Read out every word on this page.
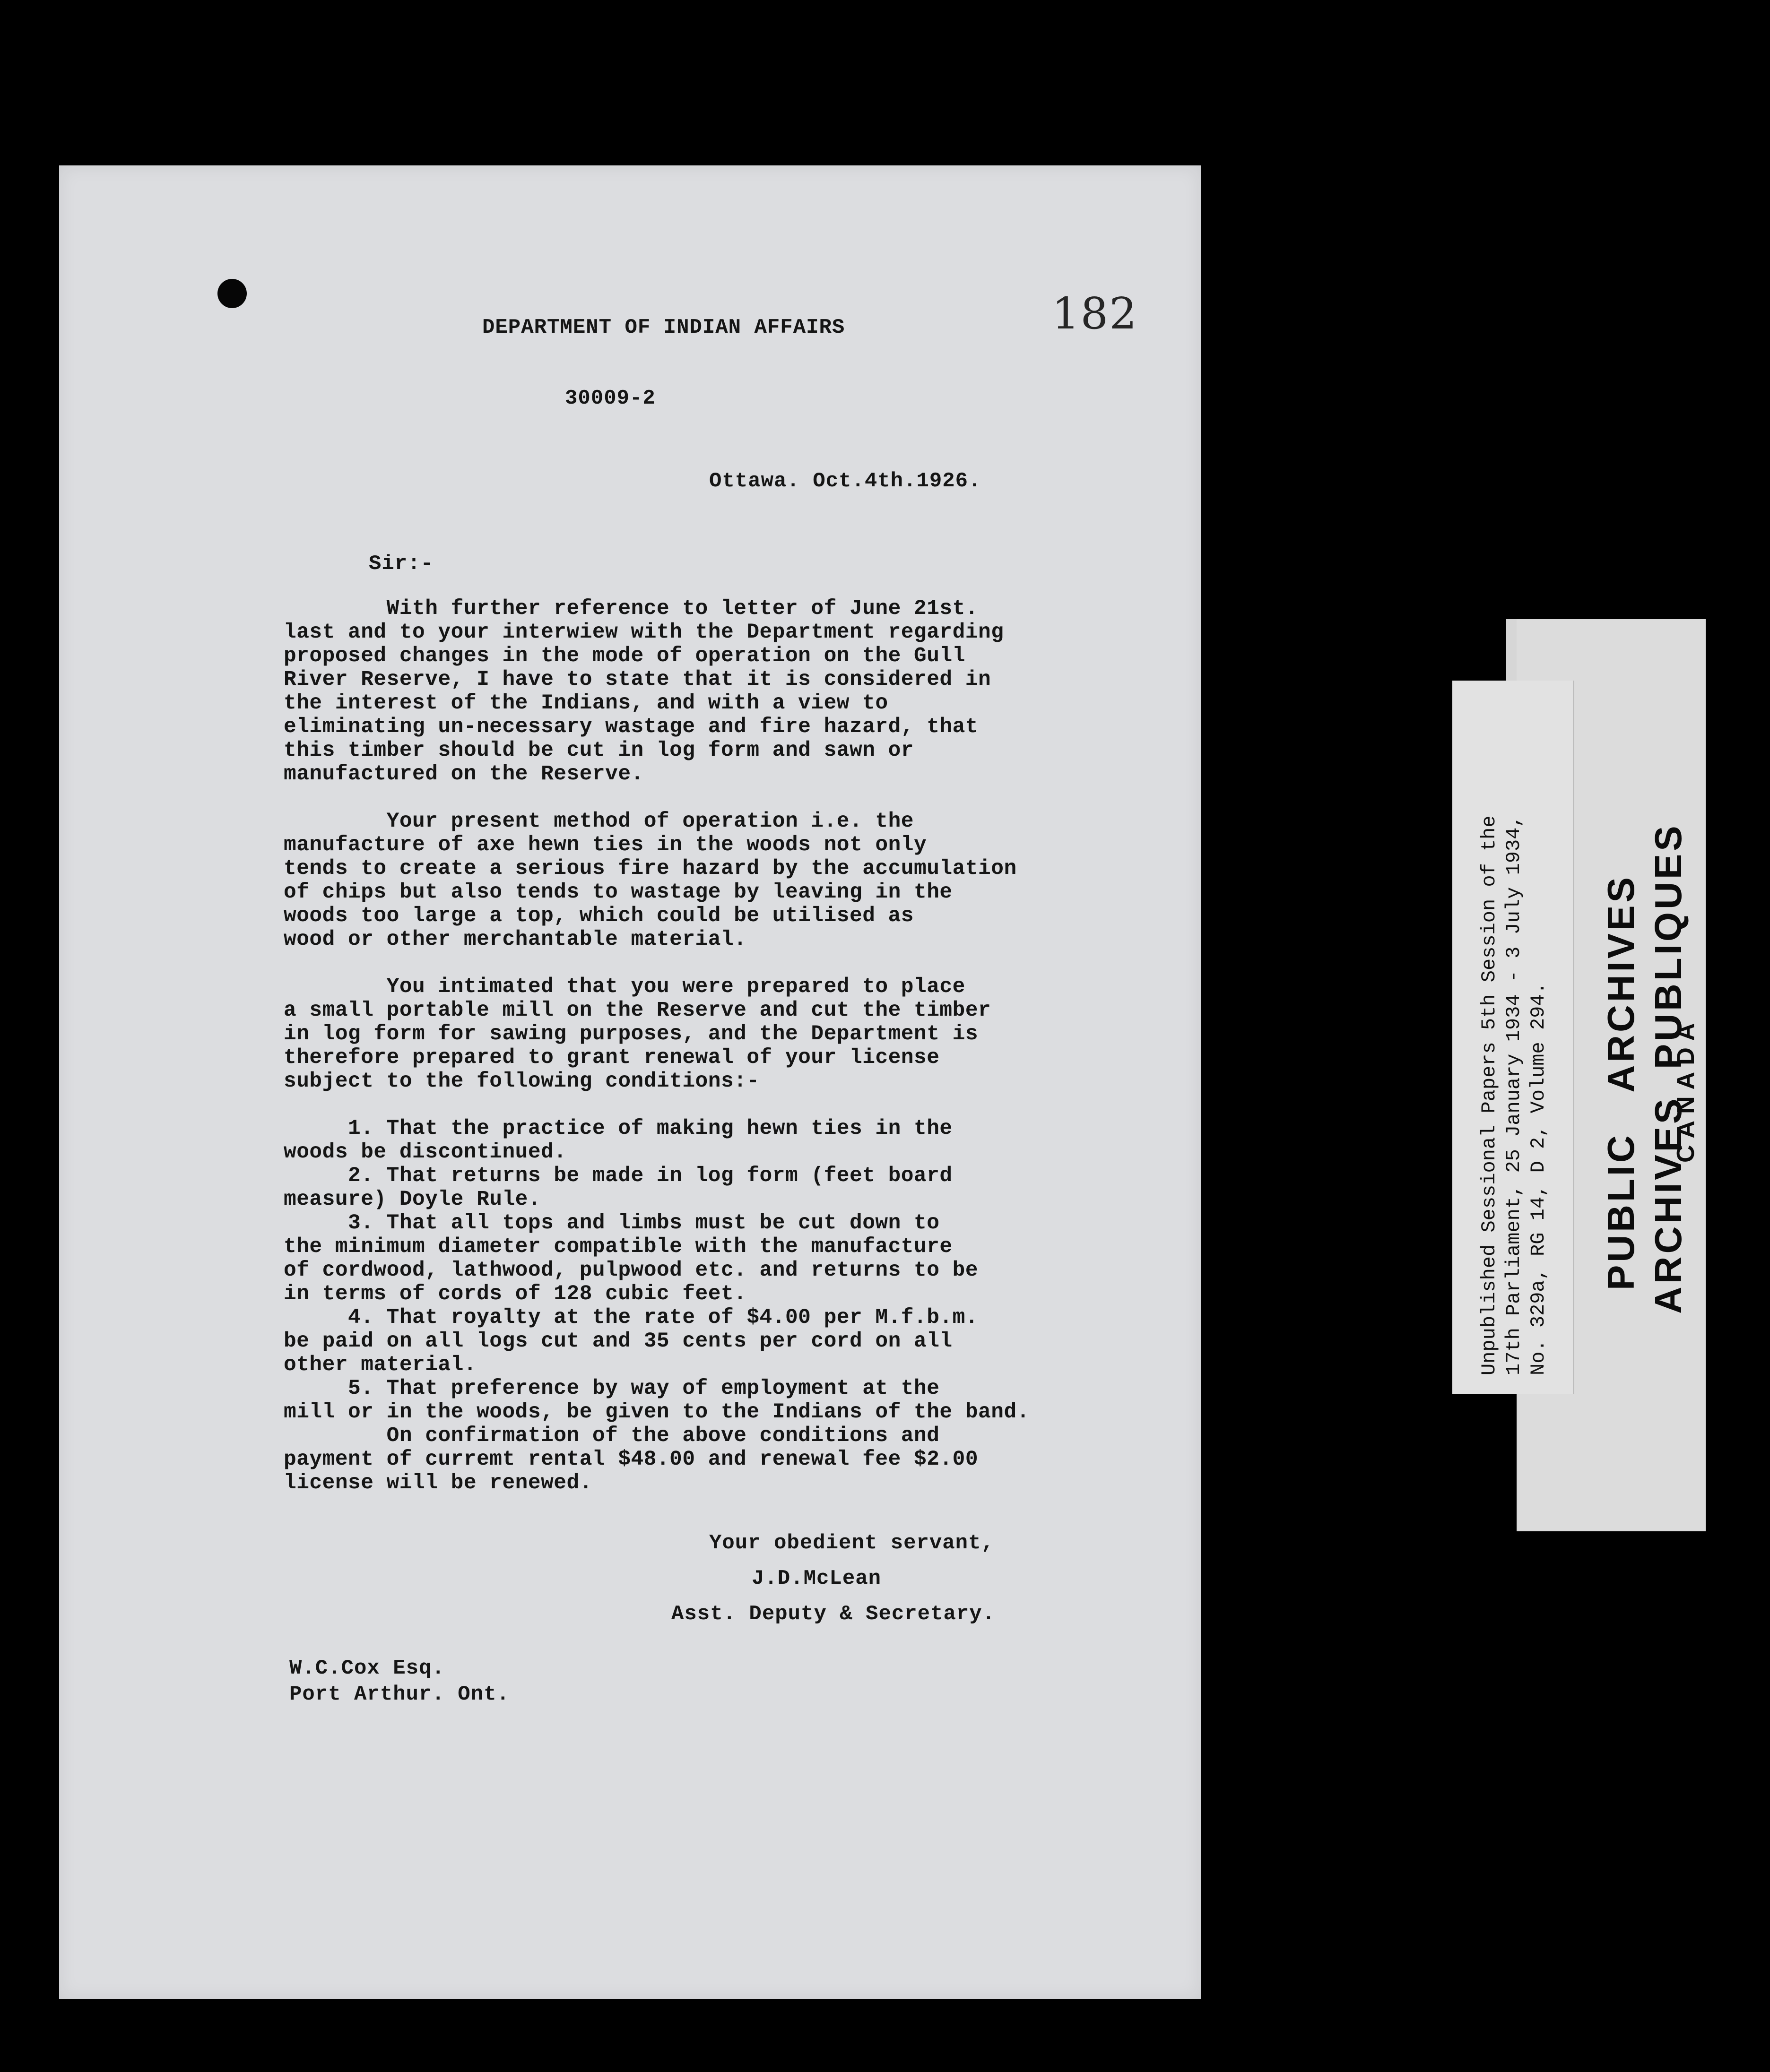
182
DEPARTMENT OF INDIAN AFFAIRS
30009-2
Ottawa. Oct.4th.1926.
Sir:-
With further reference to letter of June 21st.
last and to your interwiew with the Department regarding
proposed changes in the mode of operation on the Gull
River Reserve, I have to state that it is considered in
the interest of the Indians, and with a view to
eliminating un-necessary wastage and fire hazard, that
this timber should be cut in log form and sawn or
manufactured on the Reserve.
Your present method of operation i.e. the
manufacture of axe hewn ties in the woods not only
tends to create a serious fire hazard by the accumulation
of chips but also tends to wastage by leaving in the
woods too large a top, which could be utilised as
wood or other merchantable material.
You intimated that you were prepared to place
a small portable mill on the Reserve and cut the timber
in log form for sawing purposes, and the Department is
therefore prepared to grant renewal of your license
subject to the following conditions:-
1. That the practice of making hewn ties in the
woods be discontinued.
2. That returns be made in log form (feet board
measure) Doyle Rule.
3. That all tops and limbs must be cut down to
the minimum diameter compatible with the manufacture
of cordwood, lathwood, pulpwood etc. and returns to be
in terms of cords of 128 cubic feet.
4. That royalty at the rate of $4.00 per M.f.b.m.
be paid on all logs cut and 35 cents per cord on all
other material.
5. That preference by way of employment at the
mill or in the woods, be given to the Indians of the band.
On confirmation of the above conditions and
payment of curremt rental $48.00 and renewal fee $2.00
license will be renewed.
Your obedient servant,
J.D.McLean
Asst. Deputy & Secretary.
W.C.Cox Esq.
Port Arthur. Ont.
PUBLIC   ARCHIVES
ARCHIVES  PUBLIQUES
CANADA
Unpublished Sessional Papers 5th Session of the 17th Parliament, 25 January 1934 - 3 July 1934, No. 329a, RG 14, D 2, Volume 294.
